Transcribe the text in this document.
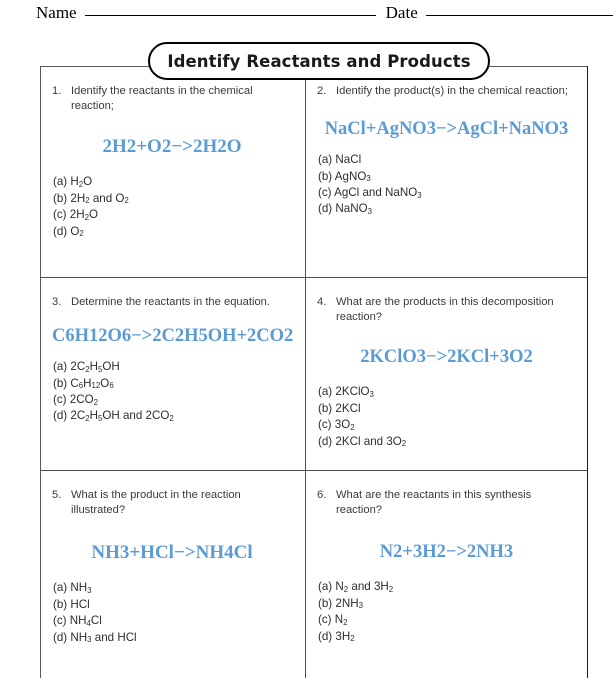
Name	Date
Identify Reactants and Products
1. Identify the reactants in the chemical reaction;
2H2+O2−>2H2O
(a) $H_2O$
(b) $2H_2$ and $O_2$
(c) $2H_2O$
(d) $O_2$
2. Identify the product(s) in the chemical reaction;
NaCl+AgNO3−>AgCl+NaNO3
(a) NaCl
(b) AgNO$_3$
(c) AgCl and NaNO$_3$
(d) NaNO$_3$
3. Determine the reactants in the equation.
C6H12O6−>2C2H5OH+2CO2
(a) $2C_2H_5OH$
(b) $C_6H_{12}O_6$
(c) $2CO_2$
(d) $2C_2H_5OH$ and $2CO_2$
4. What are the products in this decomposition reaction?
2KClO3−>2KCl+3O2
(a) 2KClO$_3$
(b) 2KCl
(c) $3O_2$
(d) 2KCl and $3O_2$
5. What is the product in the reaction illustrated?
NH3+HCl−>NH4Cl
(a) $NH_3$
(b) HCl
(c) $NH_4Cl$
(d) $NH_3$ and HCl
6. What are the reactants in this synthesis reaction?
N2+3H2−>2NH3
(a) $N_2$ and $3H_2$
(b) $2NH_3$
(c) $N_2$
(d) $3H_2$
